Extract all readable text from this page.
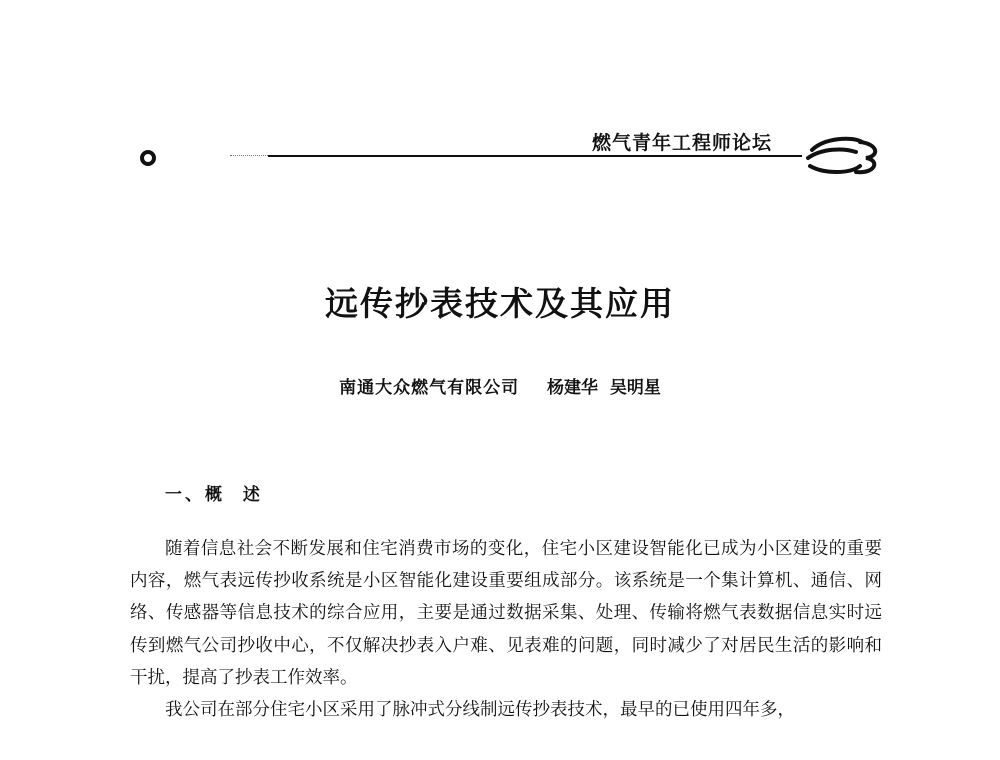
燃气青年工程师论坛
远传抄表技术及其应用
南通大众燃气有限公司 杨建华  吴明星
一、概  述

随着信息社会不断发展和住宅消费市场的变化，住宅小区建设智能化已成为小区建设的重要内容，燃气表远传抄收系统是小区智能化建设重要组成部分。该系统是一个集计算机、通信、网络、传感器等信息技术的综合应用，主要是通过数据采集、处理、传输将燃气表数据信息实时远传到燃气公司抄收中心，不仅解决抄表入户难、见表难的问题，同时减少了对居民生活的影响和干扰，提高了抄表工作效率。

我公司在部分住宅小区采用了脉冲式分线制远传抄表技术，最早的已使用四年多，
